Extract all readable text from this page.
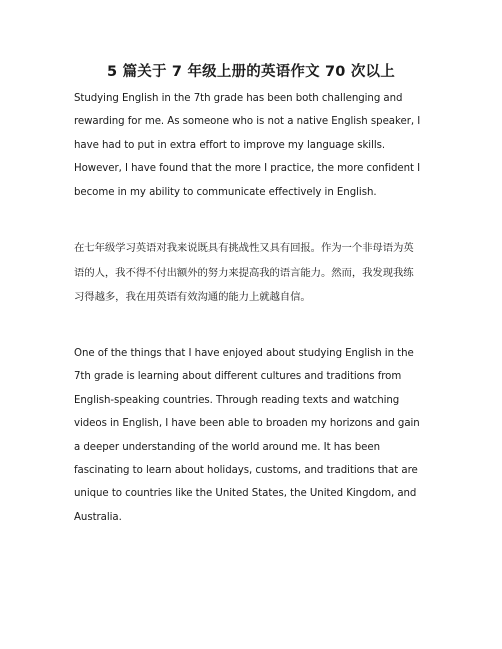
5 篇关于 7 年级上册的英语作文 70 次以上

Studying English in the 7th grade has been both challenging and
rewarding for me. As someone who is not a native English speaker, I
have had to put in extra effort to improve my language skills.
However, I have found that the more I practice, the more confident I
become in my ability to communicate effectively in English.

在七年级学习英语对我来说既具有挑战性又具有回报。作为一个非母语为英
语的人，我不得不付出额外的努力来提高我的语言能力。然而，我发现我练
习得越多，我在用英语有效沟通的能力上就越自信。

One of the things that I have enjoyed about studying English in the
7th grade is learning about different cultures and traditions from
English-speaking countries. Through reading texts and watching
videos in English, I have been able to broaden my horizons and gain
a deeper understanding of the world around me. It has been
fascinating to learn about holidays, customs, and traditions that are
unique to countries like the United States, the United Kingdom, and
Australia.
